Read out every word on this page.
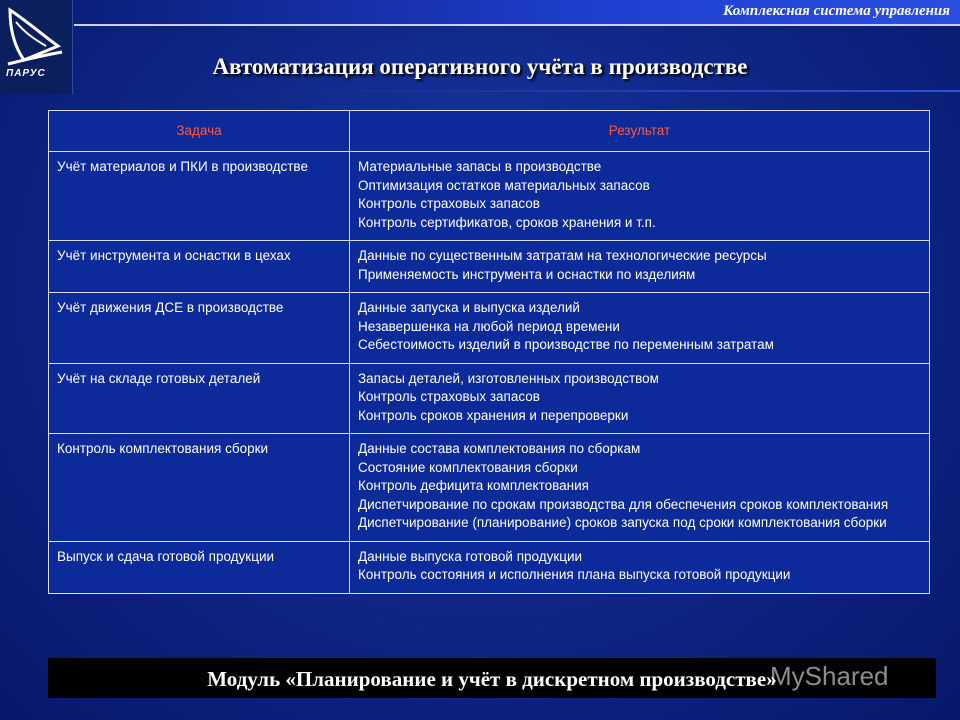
ПАРУС
Комплексная система управления
Автоматизация оперативного учёта в производстве
Задача	Результат
Учёт материалов и ПКИ в производстве	Материальные запасы в производстве
Оптимизация остатков материальных запасов
Контроль страховых запасов
Контроль сертификатов, сроков хранения и т.п.

Учёт инструмента и оснастки в цехах	Данные по существенным затратам на технологические ресурсы
Применяемость инструмента и оснастки по изделиям

Учёт движения ДСЕ в производстве	Данные запуска и выпуска изделий
Незавершенка на любой период времени
Себестоимость изделий в производстве по переменным затратам

Учёт на складе готовых деталей	Запасы деталей, изготовленных производством
Контроль страховых запасов
Контроль сроков хранения и перепроверки

Контроль комплектования сборки	Данные состава комплектования по сборкам
Состояние комплектования сборки
Контроль дефицита комплектования
Диспетчирование по срокам производства для обеспечения сроков комплектования
Диспетчирование (планирование) сроков запуска под сроки комплектования сборки

Выпуск и сдача готовой продукции	Данные выпуска готовой продукции
Контроль состояния и исполнения плана выпуска готовой продукции
Модуль «Планирование и учёт в дискретном производстве»
MyShared
